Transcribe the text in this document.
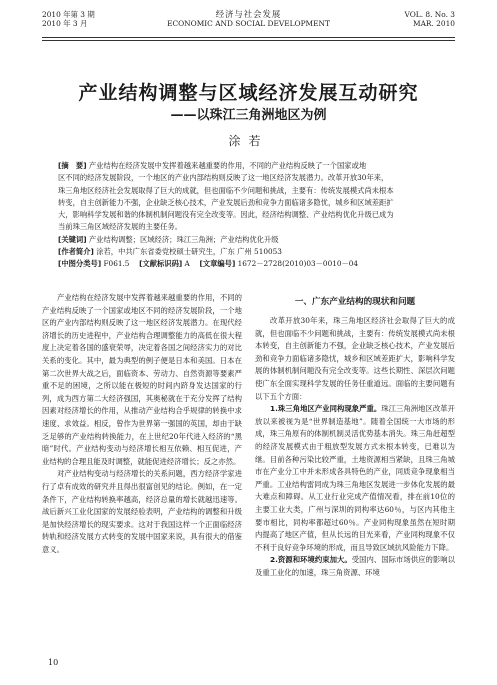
2010 年第 3 期
2010 年 3 月
经济与社会发展
ECONOMIC AND SOCIAL DEVELOPMENT
VOL. 8. No. 3
MAR. 2010
产业结构调整与区域经济发展互动研究
——以珠江三角洲地区为例
涂若
[摘　要] 产业结构在经济发展中发挥着越来越重要的作用，不同的产业结构反映了一个国家或地
区不同的经济发展阶段，一个地区的产业内部结构则反映了这一地区经济发展潜力。改革开放30年来，
珠三角地区经济社会发展取得了巨大的成就，但也面临不少问题和挑战，主要有：传统发展模式尚未根本
转变，自主创新能力不强，企业缺乏核心技术，产业发展后劲和竞争力面临诸多隐忧，城乡和区域差距扩
大，影响科学发展和谐的体制机制问题没有完全改变等。因此，经济结构调整、产业结构优化升级已成为
当前珠三角区域经济发展的主要任务。
[关键词] 产业结构调整；区域经济；珠江三角洲；产业结构优化升级
[作者简介] 涂若，中共广东省委党校硕士研究生，广东 广州 510053
[中图分类号] F061.5  [文献标识码] A  [文章编号] 1672－2728(2010)03－0010－04

产业结构在经济发展中发挥着越来越重要的作用，不同的产业结构反映了一个国家或地区不同的经济发展阶段，一个地区的产业内部结构则反映了这一地区经济发展潜力。在现代经济增长的历史进程中，产业结构合理调整能力的高低在很大程度上决定着各国的盛衰荣辱，决定着各国之间经济实力的对比关系的变化。其中，最为典型的例子便是日本和美国。日本在第二次世界大战之后，面临资本、劳动力、自然资源等要素严重不足的困境，之所以能在极短的时间内跻身发达国家的行列，成为西方第二大经济强国，其奥秘就在于充分发挥了结构因素对经济增长的作用，从推动产业结构合乎规律的转换中求速度、求效益。相反，曾作为世界第一强国的英国，却由于缺乏足够的产业结构转换能力，在上世纪20年代进入经济的“黑暗”时代。产业结构变动与经济增长相互依赖、相互促进，产业结构的合理且能及时调整，就能促进经济增长；反之亦然。

对产业结构变动与经济增长的关系问题，西方经济学家进行了卓有成效的研究并且得出很富创见的结论。例如，在一定条件下，产业结构转换率越高，经济总量的增长就越迅速等。战后新兴工业化国家的发展经验表明，产业结构的调整和升级是加快经济增长的现实要求。这对于我国这样一个正面临经济转轨和经济发展方式转变的发展中国家来说，具有很大的借鉴意义。

一、广东产业结构的现状和问题

改革开放30年来，珠三角地区经济社会取得了巨大的成就，但也面临不少问题和挑战，主要有：传统发展模式尚未根本转变，自主创新能力不强，企业缺乏核心技术，产业发展后劲和竞争力面临诸多隐忧，城乡和区域差距扩大，影响科学发展的体制机制问题没有完全改变等。这些长期性、深层次问题使广东全面实现科学发展的任务任重道远。面临的主要问题有以下五个方面：

1.珠三角地区产业同构现象严重。珠江三角洲地区改革开放以来被视为是“世界制造基地”。随着全国统一大市场的形成，珠三角原有的体制机制灵活优势基本消失。珠三角赶超型的经济发展模式由于粗放型发展方式未根本转变，已难以为继。目前各种污染比较严重，土地资源相当紧缺，且珠三角城市在产业分工中并未形成各具特色的产业，同质竞争现象相当严重。工业结构雷同成为珠三角地区发展进一步体化发展的最大难点和障碍。从工业行业完成产值情况看，排在前10位的主要工业大类，广州与深圳的同构率达60％，与区内其他主要市相比，同构率都超过60％。产业同构现象虽然在短时期内提高了地区产值，但从长远的目光来看，产业同构现象不仅不利于良好竞争环境的形成，而且导致区域抗风险能力下降。

2.资源和环境约束加大。受国内、国际市场供应的影响以及重工业化的加速，珠三角资源、环境

10
